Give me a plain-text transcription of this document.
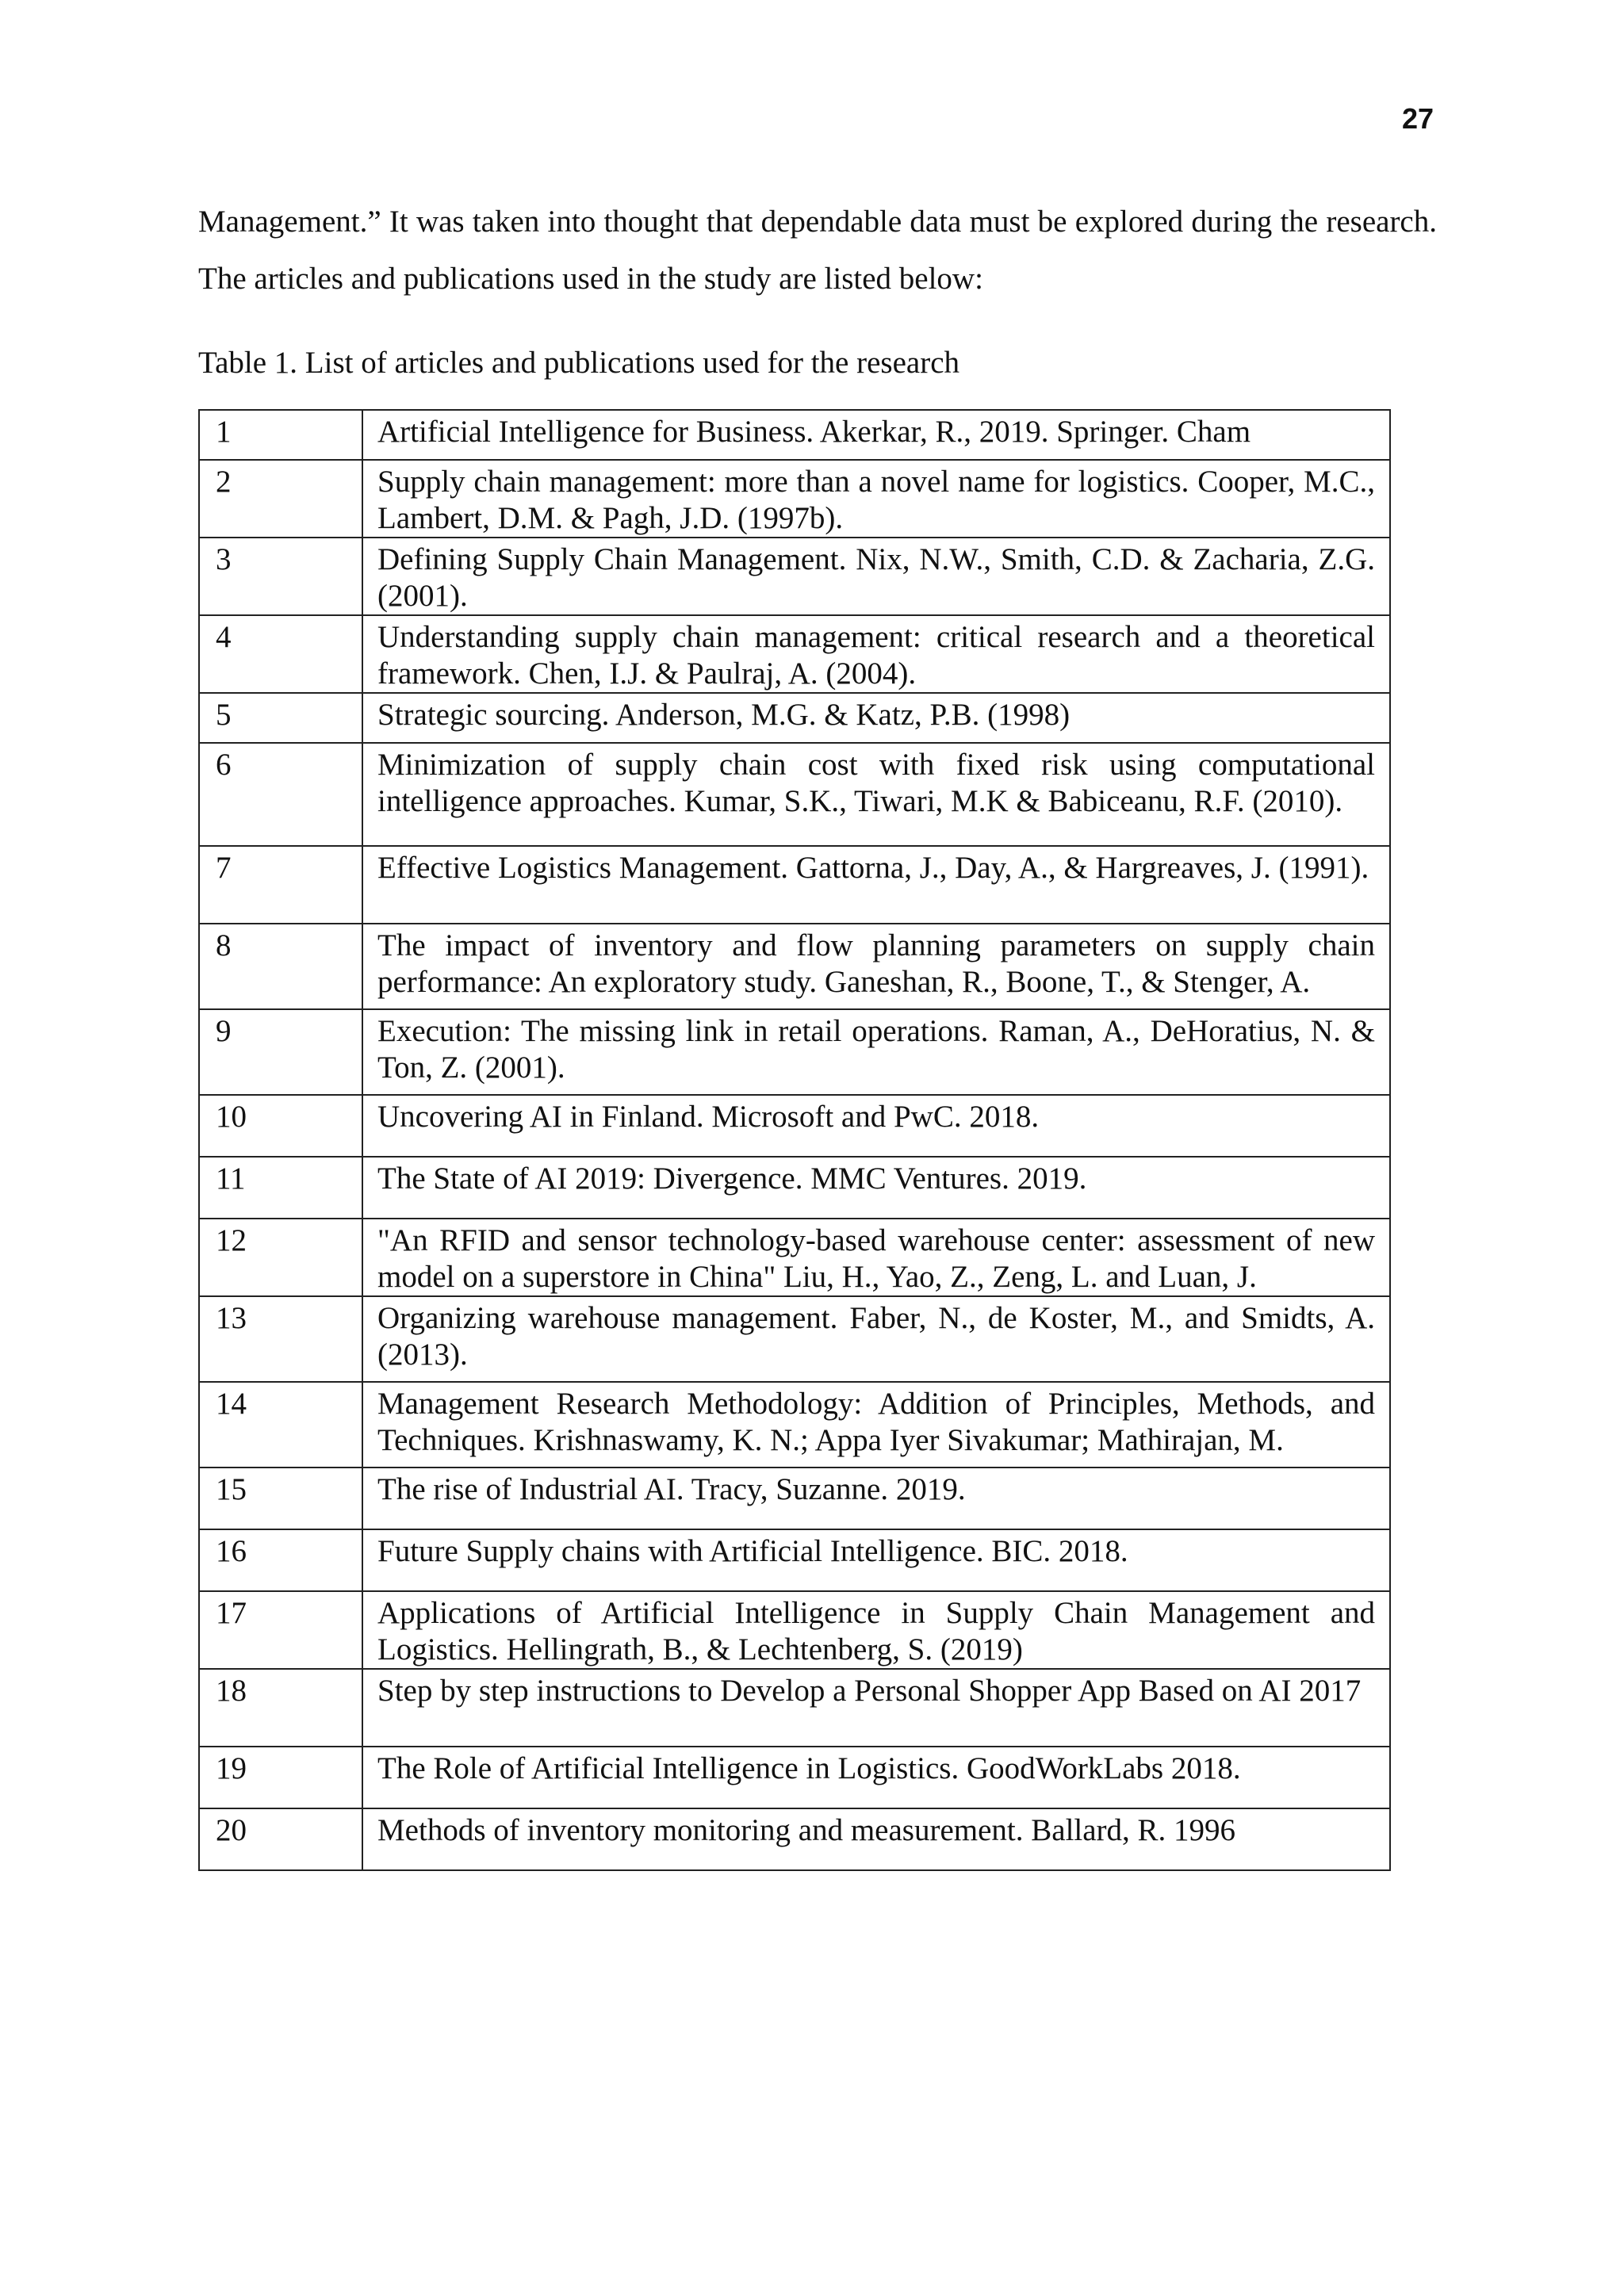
27

Management.” It was taken into thought that dependable data must be explored during the research. The articles and publications used in the study are listed below:

Table 1. List of articles and publications used for the research

1	Artificial Intelligence for Business. Akerkar, R., 2019. Springer. Cham
2	Supply chain management: more than a novel name for logistics. Cooper, M.C., Lambert, D.M. & Pagh, J.D. (1997b).
3	Defining Supply Chain Management. Nix, N.W., Smith, C.D. & Zacharia, Z.G. (2001).
4	Understanding supply chain management: critical research and a theoretical framework. Chen, I.J. & Paulraj, A. (2004).
5	Strategic sourcing. Anderson, M.G. & Katz, P.B. (1998)
6	Minimization of supply chain cost with fixed risk using computational intelligence approaches. Kumar, S.K., Tiwari, M.K & Babiceanu, R.F. (2010).
7	Effective Logistics Management. Gattorna, J., Day, A., & Hargreaves, J. (1991).
8	The impact of inventory and flow planning parameters on supply chain performance: An exploratory study. Ganeshan, R., Boone, T., & Stenger, A.
9	Execution: The missing link in retail operations. Raman, A., DeHoratius, N. & Ton, Z. (2001).
10	Uncovering AI in Finland. Microsoft and PwC. 2018.
11	The State of AI 2019: Divergence. MMC Ventures. 2019.
12	"An RFID and sensor technology-based warehouse center: assessment of new model on a superstore in China" Liu, H., Yao, Z., Zeng, L. and Luan, J.
13	Organizing warehouse management. Faber, N., de Koster, M., and Smidts, A. (2013).
14	Management Research Methodology: Addition of Principles, Methods, and Techniques. Krishnaswamy, K. N.; Appa Iyer Sivakumar; Mathirajan, M.
15	The rise of Industrial AI. Tracy, Suzanne. 2019.
16	Future Supply chains with Artificial Intelligence. BIC. 2018.
17	Applications of Artificial Intelligence in Supply Chain Management and Logistics. Hellingrath, B., & Lechtenberg, S. (2019)
18	Step by step instructions to Develop a Personal Shopper App Based on AI 2017
19	The Role of Artificial Intelligence in Logistics. GoodWorkLabs 2018.
20	Methods of inventory monitoring and measurement. Ballard, R. 1996
